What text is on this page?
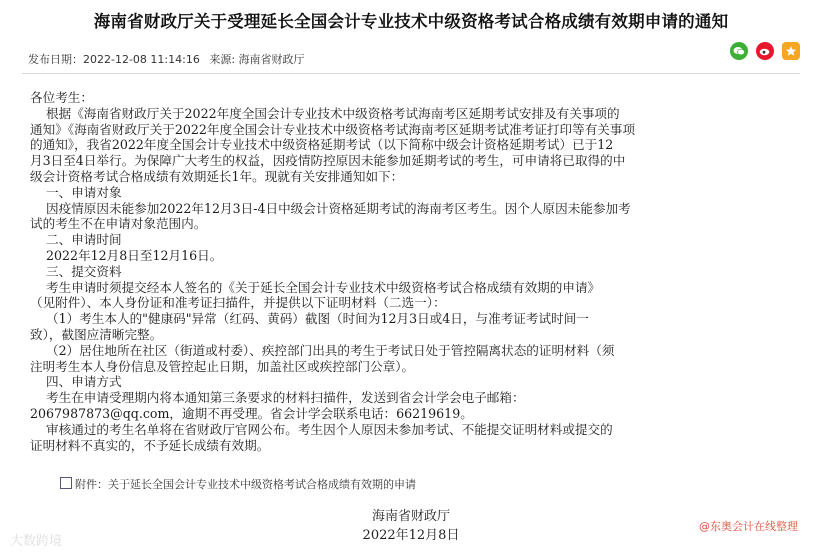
海南省财政厅关于受理延长全国会计专业技术中级资格考试合格成绩有效期申请的通知
发布日期：2022-12-08 11:14:16 来源: 海南省财政厅

各位考生：

根据《海南省财政厅关于2022年度全国会计专业技术中级资格考试海南考区延期考试安排及有关事项的

通知》《海南省财政厅关于2022年度全国会计专业技术中级资格考试海南考区延期考试准考证打印等有关事项

的通知》，我省2022年度全国会计专业技术中级资格延期考试（以下简称中级会计资格延期考试）已于12

月3日至4日举行。为保障广大考生的权益，因疫情防控原因未能参加延期考试的考生，可申请将已取得的中

级会计资格考试合格成绩有效期延长1年。现就有关安排通知如下：

一、申请对象

因疫情原因未能参加2022年12月3日-4日中级会计资格延期考试的海南考区考生。因个人原因未能参加考

试的考生不在申请对象范围内。

二、申请时间

2022年12月8日至12月16日。

三、提交资料

考生申请时须提交经本人签名的《关于延长全国会计专业技术中级资格考试合格成绩有效期的申请》

（见附件）、本人身份证和准考证扫描件，并提供以下证明材料（二选一）：

（1）考生本人的"健康码"异常（红码、黄码）截图（时间为12月3日或4日，与准考证考试时间一

致），截图应清晰完整。

（2）居住地所在社区（街道或村委）、疾控部门出具的考生于考试日处于管控隔离状态的证明材料（须

注明考生本人身份信息及管控起止日期，加盖社区或疾控部门公章）。

四、申请方式

考生在申请受理期内将本通知第三条要求的材料扫描件，发送到省会计学会电子邮箱：

2067987873@qq.com，逾期不再受理。省会计学会联系电话：66219619。

审核通过的考生名单将在省财政厅官网公布。考生因个人原因未参加考试、不能提交证明材料或提交的

证明材料不真实的，不予延长成绩有效期。

附件：关于延长全国会计专业技术中级资格考试合格成绩有效期的申请
海南省财政厅
2022年12月8日
大数跨境
@东奥会计在线整理
